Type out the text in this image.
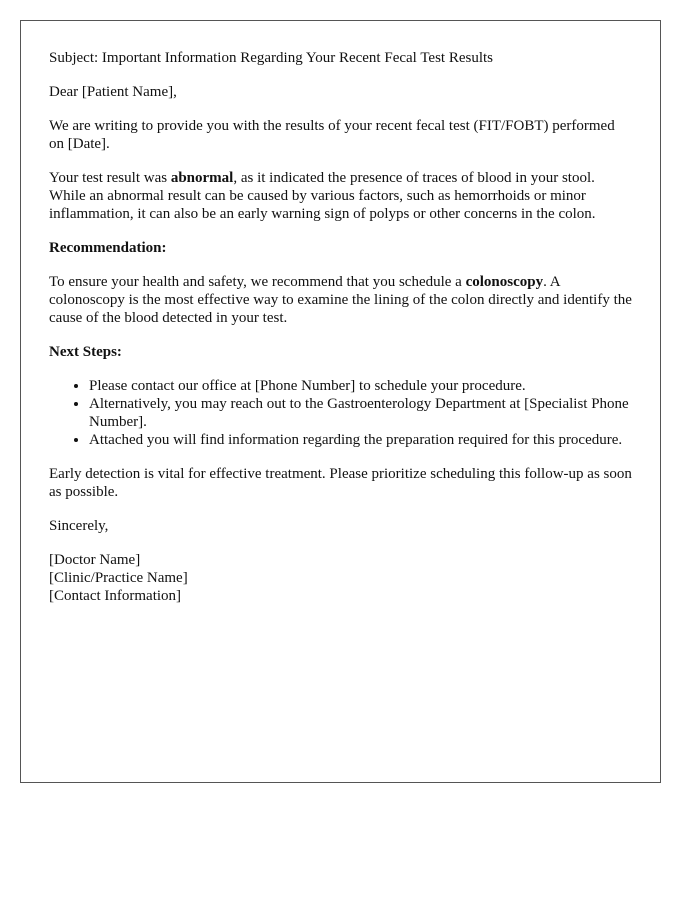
Subject: Important Information Regarding Your Recent Fecal Test Results

Dear [Patient Name],

We are writing to provide you with the results of your recent fecal test (FIT/FOBT) performed on [Date].

Your test result was abnormal, as it indicated the presence of traces of blood in your stool. While an abnormal result can be caused by various factors, such as hemorrhoids or minor inflammation, it can also be an early warning sign of polyps or other concerns in the colon.

Recommendation:

To ensure your health and safety, we recommend that you schedule a colonoscopy. A colonoscopy is the most effective way to examine the lining of the colon directly and identify the cause of the blood detected in your test.

Next Steps:

• Please contact our office at [Phone Number] to schedule your procedure.
• Alternatively, you may reach out to the Gastroenterology Department at [Specialist Phone Number].
• Attached you will find information regarding the preparation required for this procedure.

Early detection is vital for effective treatment. Please prioritize scheduling this follow-up as soon as possible.

Sincerely,

[Doctor Name]

[Clinic/Practice Name]

[Contact Information]
